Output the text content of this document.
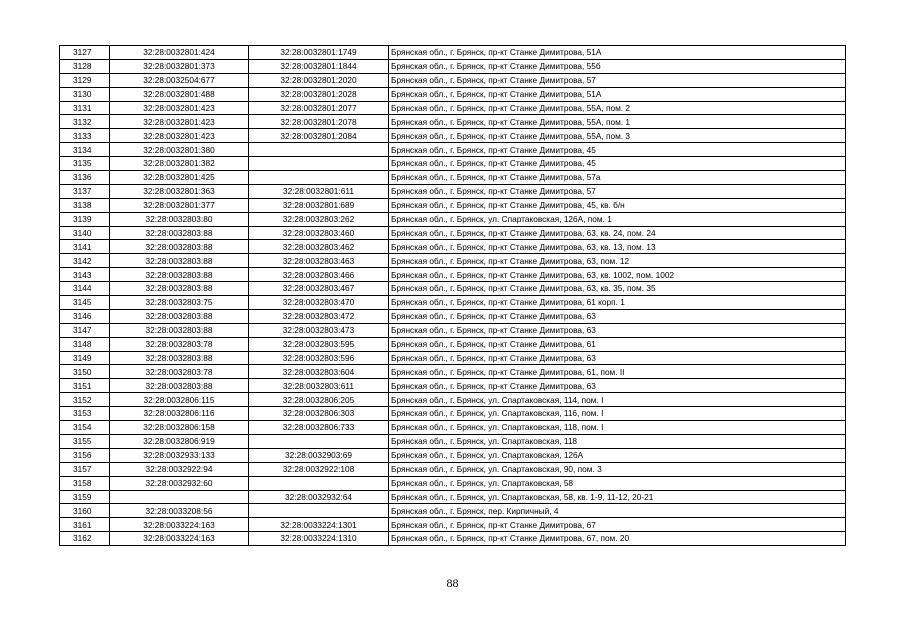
3127	32:28:0032801:424	32:28:0032801:1749	Брянская обл., г. Брянск, пр-кт Станке Димитрова, 51А
3128	32:28:0032801:373	32:28:0032801:1844	Брянская обл., г. Брянск, пр-кт Станке Димитрова, 55б
3129	32:28:0032504:677	32:28:0032801:2020	Брянская обл., г. Брянск, пр-кт Станке Димитрова, 57
3130	32:28:0032801:488	32:28:0032801:2028	Брянская обл., г. Брянск, пр-кт Станке Димитрова, 51А
3131	32:28:0032801:423	32:28:0032801:2077	Брянская обл., г. Брянск, пр-кт Станке Димитрова, 55А, пом. 2
3132	32:28:0032801:423	32:28:0032801:2078	Брянская обл., г. Брянск, пр-кт Станке Димитрова, 55А, пом. 1
3133	32:28:0032801:423	32:28:0032801:2084	Брянская обл., г. Брянск, пр-кт Станке Димитрова, 55А, пом. 3
3134	32:28:0032801:380		Брянская обл., г. Брянск, пр-кт Станке Димитрова, 45
3135	32:28:0032801:382		Брянская обл., г. Брянск, пр-кт Станке Димитрова, 45
3136	32:28:0032801:425		Брянская обл., г. Брянск, пр-кт Станке Димитрова, 57а
3137	32:28:0032801:363	32:28:0032801:611	Брянская обл., г. Брянск, пр-кт Станке Димитрова, 57
3138	32:28:0032801:377	32:28:0032801:689	Брянская обл., г. Брянск, пр-кт Станке Димитрова, 45, кв. б/н
3139	32:28:0032803:80	32:28:0032803:262	Брянская обл., г. Брянск, ул. Спартаковская, 126А, пом. 1
3140	32:28:0032803:88	32:28:0032803:460	Брянская обл., г. Брянск, пр-кт Станке Димитрова, 63, кв. 24, пом. 24
3141	32:28:0032803:88	32:28:0032803:462	Брянская обл., г. Брянск, пр-кт Станке Димитрова, 63, кв. 13, пом. 13
3142	32:28:0032803:88	32:28:0032803:463	Брянская обл., г. Брянск, пр-кт Станке Димитрова, 63, пом. 12
3143	32:28:0032803:88	32:28:0032803:466	Брянская обл., г. Брянск, пр-кт Станке Димитрова, 63, кв. 1002, пом. 1002
3144	32:28:0032803:88	32:28:0032803:467	Брянская обл., г. Брянск, пр-кт Станке Димитрова, 63, кв. 35, пом. 35
3145	32:28:0032803:75	32:28:0032803:470	Брянская обл., г. Брянск, пр-кт Станке Димитрова, 61 корп. 1
3146	32:28:0032803:88	32:28:0032803:472	Брянская обл., г. Брянск, пр-кт Станке Димитрова, 63
3147	32:28:0032803:88	32:28:0032803:473	Брянская обл., г. Брянск, пр-кт Станке Димитрова, 63
3148	32:28:0032803:78	32:28:0032803:595	Брянская обл., г. Брянск, пр-кт Станке Димитрова, 61
3149	32:28:0032803:88	32:28:0032803:596	Брянская обл., г. Брянск, пр-кт Станке Димитрова, 63
3150	32:28:0032803:78	32:28:0032803:604	Брянская обл., г. Брянск, пр-кт Станке Димитрова, 61, пом. II
3151	32:28:0032803:88	32:28:0032803:611	Брянская обл., г. Брянск, пр-кт Станке Димитрова, 63
3152	32:28:0032806:115	32:28:0032806:205	Брянская обл., г. Брянск, ул. Спартаковская, 114, пом. I
3153	32:28:0032806:116	32:28:0032806:303	Брянская обл., г. Брянск, ул. Спартаковская, 116, пом. I
3154	32:28:0032806:158	32:28:0032806:733	Брянская обл., г. Брянск, ул. Спартаковская, 118, пом. I
3155	32:28:0032806:919		Брянская обл., г. Брянск, ул. Спартаковская, 118
3156	32:28:0032933:133	32:28:0032903:69	Брянская обл., г. Брянск, ул. Спартаковская, 126А
3157	32:28:0032922:94	32:28:0032922:108	Брянская обл., г. Брянск, ул. Спартаковская, 90, пом. 3
3158	32:28:0032932:60		Брянская обл., г. Брянск, ул. Спартаковская, 58
3159		32:28:0032932:64	Брянская обл., г. Брянск, ул. Спартаковская, 58, кв. 1-9, 11-12, 20-21
3160	32:28:0033208:56		Брянская обл., г. Брянск, пер. Кирпичный, 4
3161	32:28:0033224:163	32:28:0033224:1301	Брянская обл., г. Брянск, пр-кт Станке Димитрова, 67
3162	32:28:0033224:163	32:28:0033224:1310	Брянская обл., г. Брянск, пр-кт Станке Димитрова, 67, пом. 20
88
